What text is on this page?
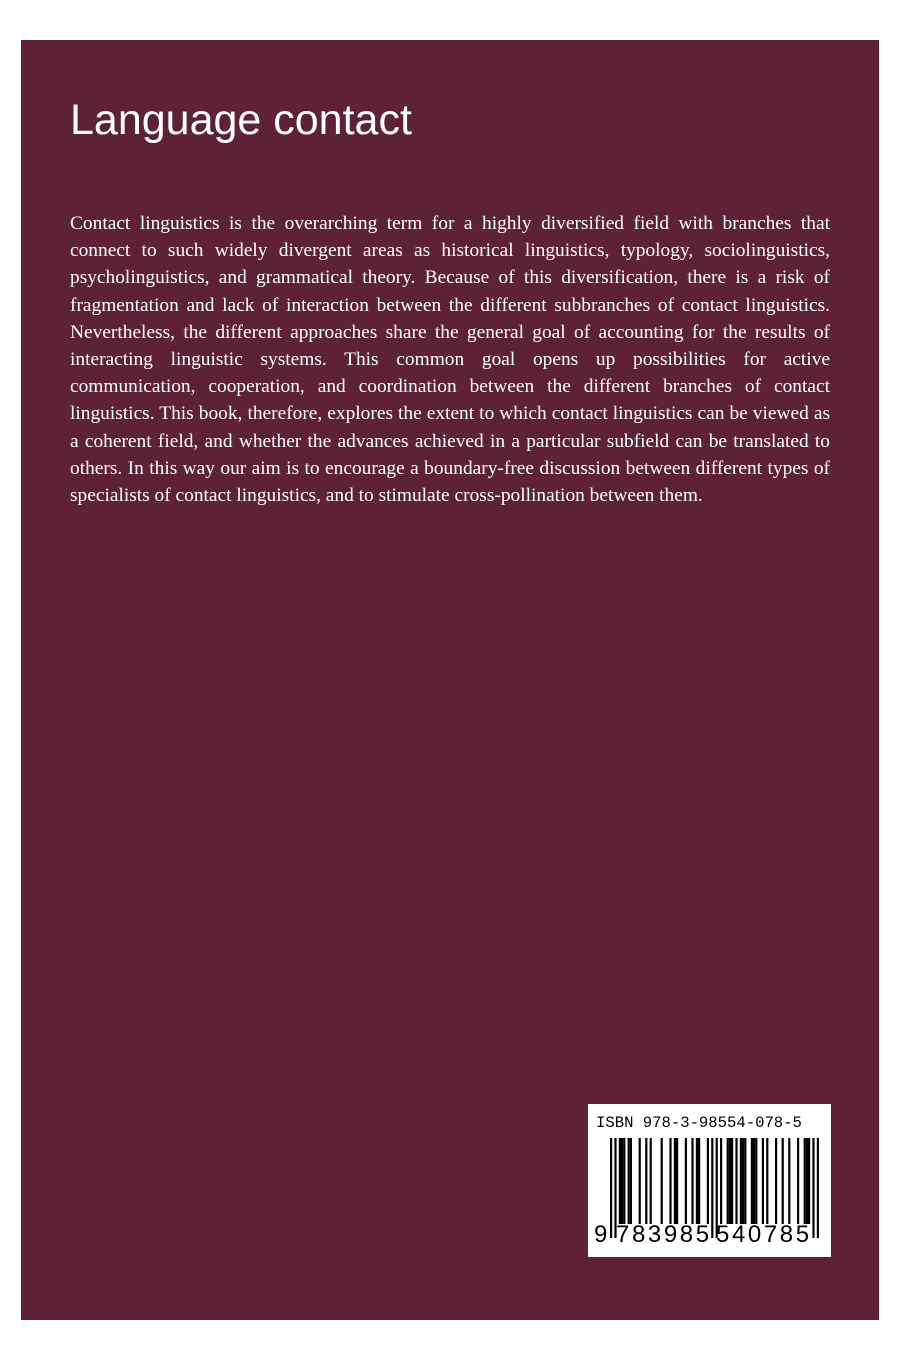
Language contact

Contact linguistics is the overarching term for a highly diversified field with branches that connect to such widely divergent areas as historical linguistics, typology, sociolinguistics, psycholinguistics, and grammatical theory. Because of this diversification, there is a risk of fragmentation and lack of interaction between the different subbranches of contact linguistics. Nevertheless, the different approaches share the general goal of accounting for the results of interacting linguistic systems. This common goal opens up possibilities for active communication, cooperation, and coordination between the different branches of contact linguistics. This book, therefore, explores the extent to which contact linguistics can be viewed as a coherent field, and whether the advances achieved in a particular subfield can be translated to others. In this way our aim is to encourage a boundary-free discussion between different types of specialists of contact linguistics, and to stimulate cross-pollination between them.

ISBN 978-3-98554-078-5
9 783985 540785
